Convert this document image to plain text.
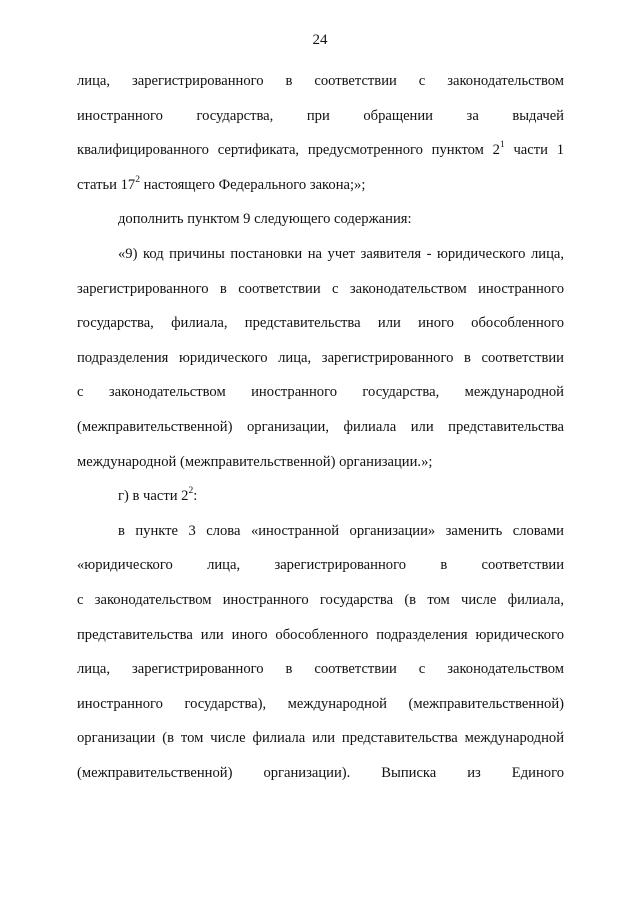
24
лица, зарегистрированного в соответствии с законодательством
иностранного государства, при обращении за выдачей
квалифицированного сертификата, предусмотренного пунктом $2^1$ части 1
статьи $17^2$ настоящего Федерального закона;»;
дополнить пунктом 9 следующего содержания:
«9) код причины постановки на учет заявителя - юридического лица,
зарегистрированного в соответствии с законодательством иностранного
государства, филиала, представительства или иного обособленного
подразделения юридического лица, зарегистрированного в соответствии
с законодательством иностранного государства, международной
(межправительственной) организации, филиала или представительства
международной (межправительственной) организации.»;
г) в части $2^2$:
в пункте 3 слова «иностранной организации» заменить словами
«юридического лица, зарегистрированного в соответствии
с законодательством иностранного государства (в том числе филиала,
представительства или иного обособленного подразделения юридического
лица, зарегистрированного в соответствии с законодательством
иностранного государства), международной (межправительственной)
организации (в том числе филиала или представительства международной
(межправительственной) организации). Выписка из Единого
